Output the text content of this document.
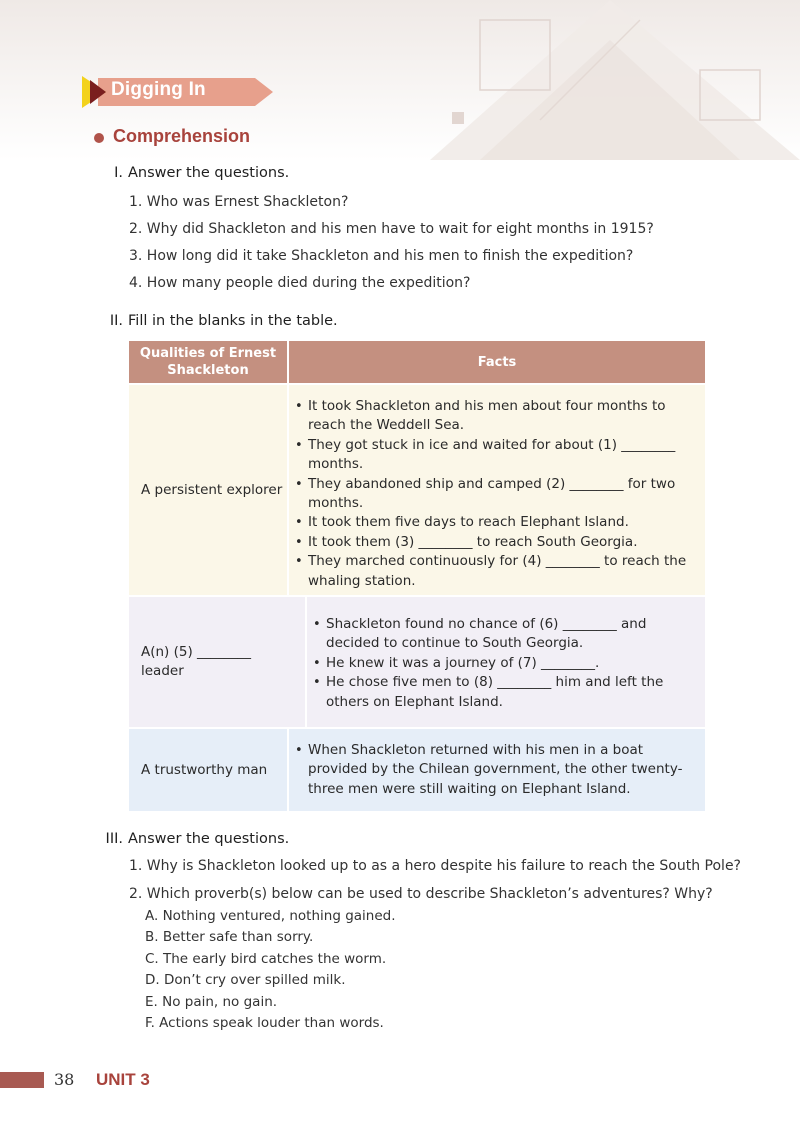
Digging In
Comprehension
I. Answer the questions.
1. Who was Ernest Shackleton?
2. Why did Shackleton and his men have to wait for eight months in 1915?
3. How long did it take Shackleton and his men to finish the expedition?
4. How many people died during the expedition?
II. Fill in the blanks in the table.
Qualities of Ernest Shackleton
Facts
A persistent explorer
• It took Shackleton and his men about four months to reach the Weddell Sea.
• They got stuck in ice and waited for about (1) ________ months.
• They abandoned ship and camped (2) ________ for two months.
• It took them five days to reach Elephant Island.
• It took them (3) ________ to reach South Georgia.
• They marched continuously for (4) ________ to reach the whaling station.
A(n) (5) ________ leader
• Shackleton found no chance of (6) ________ and decided to continue to South Georgia.
• He knew it was a journey of (7) ________.
• He chose five men to (8) ________ him and left the others on Elephant Island.
A trustworthy man
• When Shackleton returned with his men in a boat provided by the Chilean government, the other twenty-three men were still waiting on Elephant Island.
III. Answer the questions.
1. Why is Shackleton looked up to as a hero despite his failure to reach the South Pole?
2. Which proverb(s) below can be used to describe Shackleton’s adventures? Why?
A. Nothing ventured, nothing gained.
B. Better safe than sorry.
C. The early bird catches the worm.
D. Don’t cry over spilled milk.
E. No pain, no gain.
F. Actions speak louder than words.
38 UNIT 3
